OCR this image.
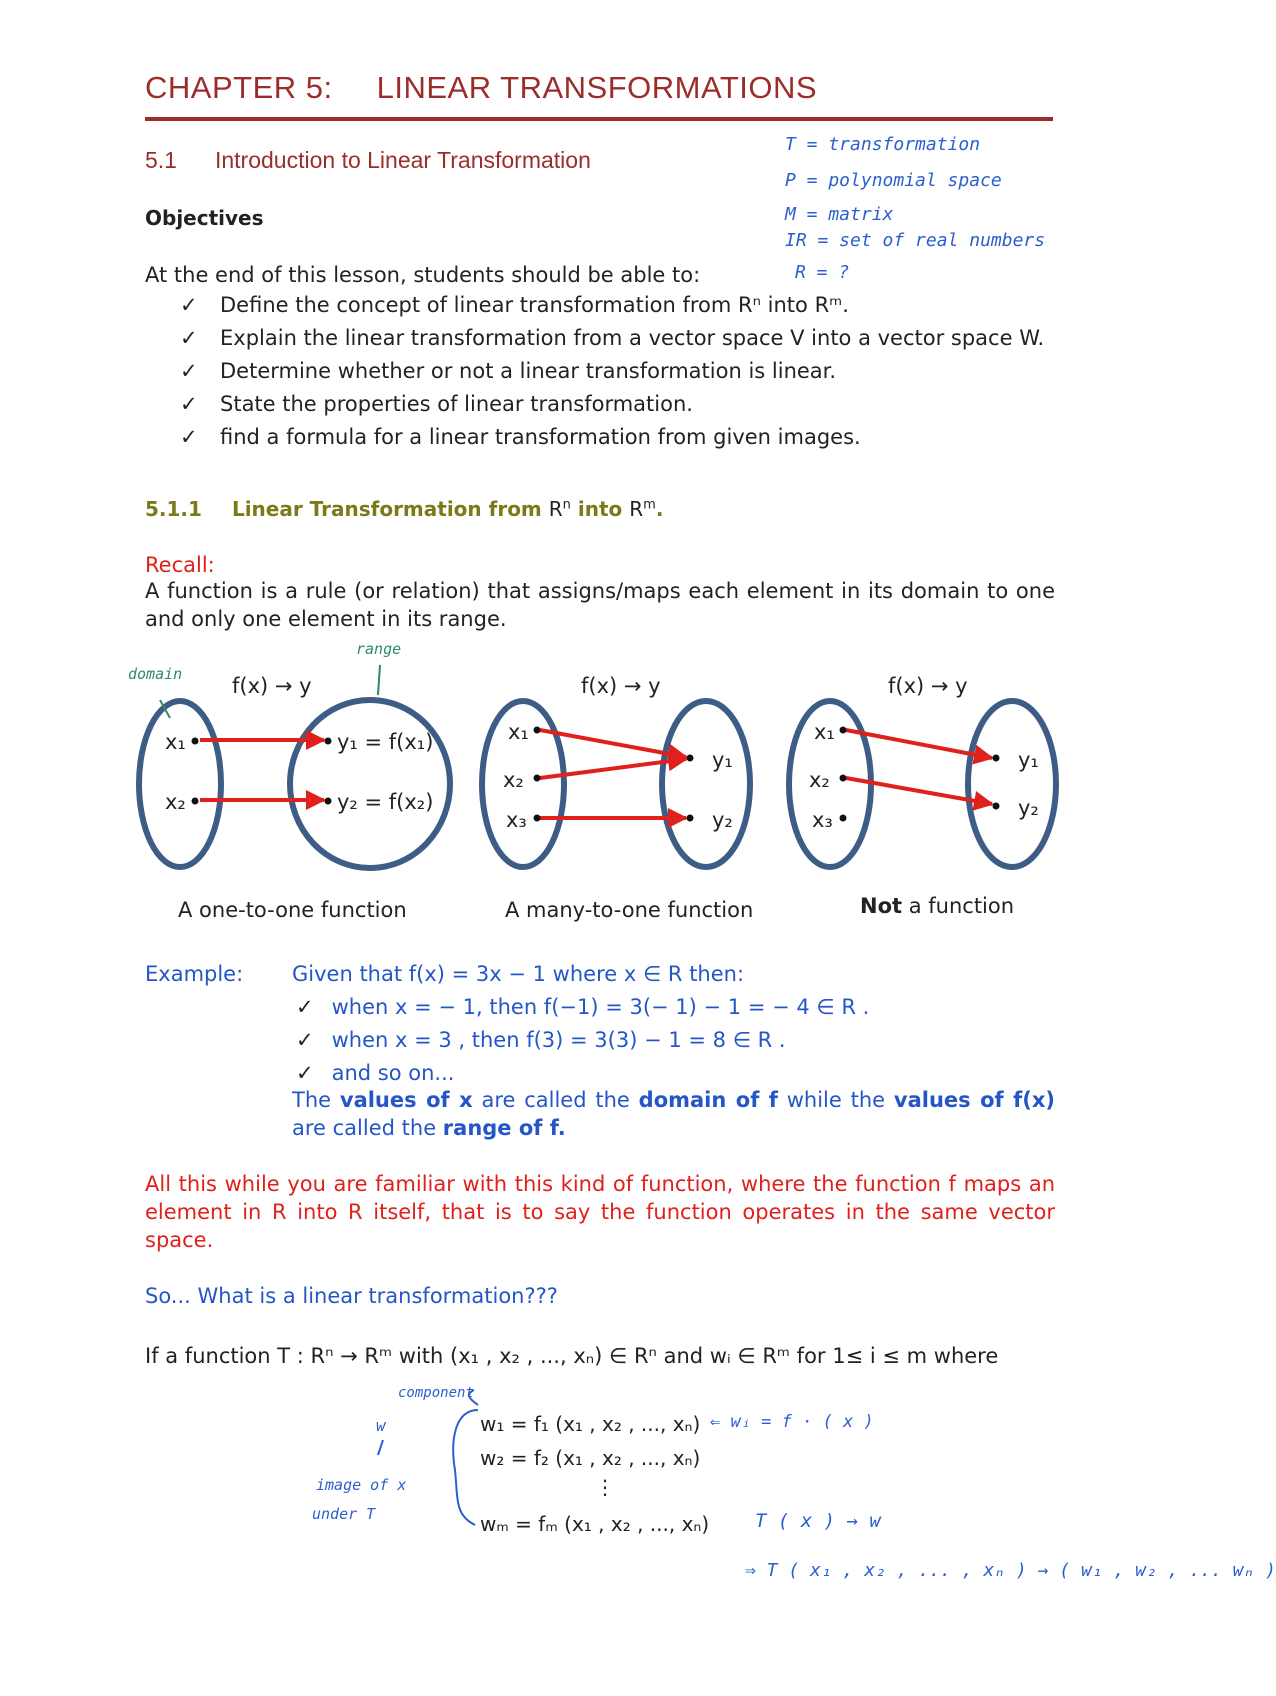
CHAPTER 5: LINEAR TRANSFORMATIONS
5.1 Introduction to Linear Transformation
T = transformation
P = polynomial space
M = matrix
IR = set of real numbers
R = ?
Objectives
At the end of this lesson, students should be able to:
✓ Define the concept of linear transformation from Rⁿ into Rᵐ.
✓ Explain the linear transformation from a vector space V into a vector space W.
✓ Determine whether or not a linear transformation is linear.
✓ State the properties of linear transformation.
✓ find a formula for a linear transformation from given images.
5.1.1 Linear Transformation from $R^n$ into $R^m$.
Recall:
A function is a rule (or relation) that assigns/maps each element in its domain to one and only one element in its range.
domain
range
f(x) → y	f(x) → y	f(x) → y
x₁
x₂
y₁ = f(x₁)
y₂ = f(x₂)
A one-to-one function
x₁
x₂
x₃
y₁
y₂
A many-to-one function
x₁
x₂
x₃
y₁
y₂
Not a function
Example: Given that f(x) = 3x − 1 where x ∈ R then:
✓ when x = − 1, then f(−1) = 3(− 1) − 1 = − 4 ∈ R .
✓ when x = 3 , then f(3) = 3(3) − 1 = 8 ∈ R .
✓ and so on...
The values of x are called the domain of f while the values of f(x) are called the range of f.
All this while you are familiar with this kind of function, where the function f maps an element in R into R itself, that is to say the function operates in the same vector space.
So... What is a linear transformation???
If a function T : Rⁿ → Rᵐ with (x₁ , x₂ , ..., xₙ) ∈ Rⁿ and wᵢ ∈ Rᵐ for 1≤ i ≤ m where
w₁ = f₁ (x₁ , x₂ , ..., xₙ)
w₂ = f₂ (x₁ , x₂ , ..., xₙ)
⋮
wₘ = fₘ (x₁ , x₂ , ..., xₙ)
component
w
image of x
under T
⇐ wᵢ = f · ( x )
T ( x ) → w
⇒ T ( x₁ , x₂ , ... , xₙ ) → ( w₁ , w₂ , ... wₙ )
